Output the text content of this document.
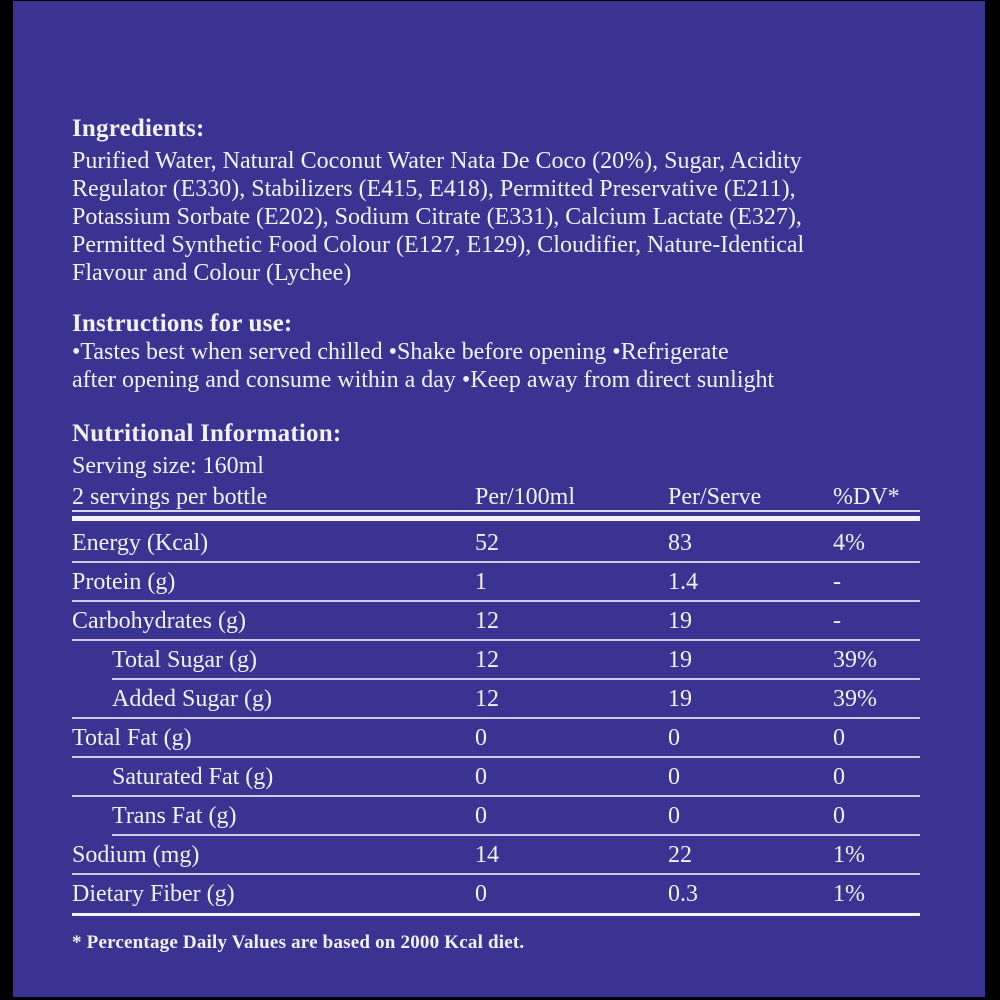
Ingredients:
Purified Water, Natural Coconut Water Nata De Coco (20%), Sugar, Acidity
Regulator (E330), Stabilizers (E415, E418), Permitted Preservative (E211),
Potassium Sorbate (E202), Sodium Citrate (E331), Calcium Lactate (E327),
Permitted Synthetic Food Colour (E127, E129), Cloudifier, Nature-Identical
Flavour and Colour (Lychee)
Instructions for use:
•Tastes best when served chilled •Shake before opening •Refrigerate
after opening and consume within a day •Keep away from direct sunlight
Nutritional Information:
Serving size: 160ml
2 servings per bottle	Per/100ml	Per/Serve	%DV*
Energy (Kcal)	52	83	4%
Protein (g)	1	1.4	-
Carbohydrates (g)	12	19	-
Total Sugar (g)	12	19	39%
Added Sugar (g)	12	19	39%
Total Fat (g)	0	0	0
Saturated Fat (g)	0	0	0
Trans Fat (g)	0	0	0
Sodium (mg)	14	22	1%
Dietary Fiber (g)	0	0.3	1%
* Percentage Daily Values are based on 2000 Kcal diet.
